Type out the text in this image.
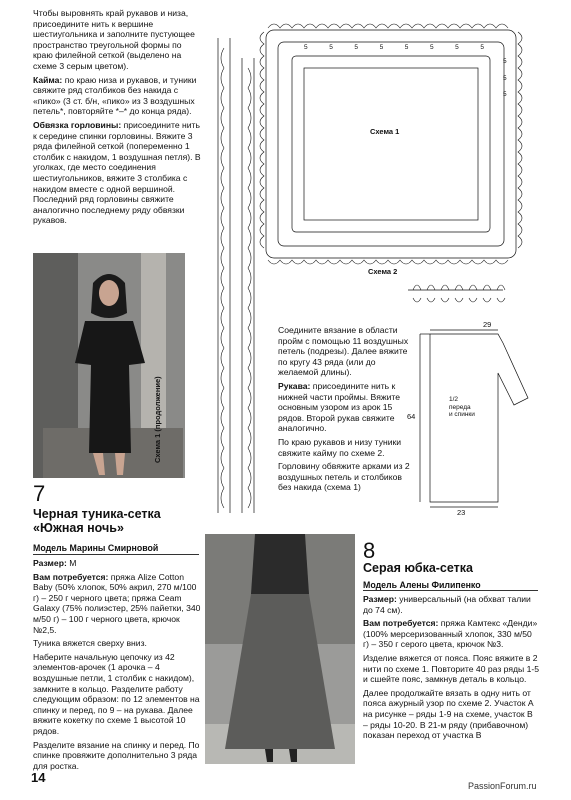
Чтобы выровнять край рукавов и низа, присоедините нить к вершине шестиугольника и заполните пустующее пространство треугольной формы по краю филейной сеткой (выделено на схеме 3 серым цветом).

Кайма: по краю низа и рукавов, и туники свяжите ряд столбиков без накида с «пико» (3 ст. б/н, «пико» из 3 воздушных петель*, повторяйте *–* до конца ряда).

Обвязка горловины: присоедините нить к середине спинки горловины. Вяжите 3 ряда филейной сеткой (попеременно 1 столбик с накидом, 1 воздушная петля). В уголках, где место соединения шестиугольников, вяжите 3 столбика с накидом вместе с одной вершиной. Последний ряд горловины свяжите аналогично последнему ряду обвязки рукавов.

7
Черная туника-сетка
«Южная ночь»
Модель Марины Смирновой

Размер: M

Вам потребуется: пряжа Alize Cotton Baby (50% хлопок, 50% акрил, 270 м/100 г) – 250 г черного цвета; пряжа Ceam Galaxy (75% полиэстер, 25% пайетки, 340 м/50 г) – 100 г черного цвета, крючок №2,5.

Туника вяжется сверху вниз.

Наберите начальную цепочку из 42 элементов-арочек (1 арочка – 4 воздушные петли, 1 столбик с накидом), замкните в кольцо. Разделите работу следующим образом: по 12 элементов на спинку и перед, по 9 – на рукава. Далее вяжите кокетку по схеме 1 высотой 10 рядов.

Разделите вязание на спинку и перед. По спинке провяжите дополнительно 3 ряда для ростка.

5	5	5	5	5	5	5	5
5
5
5
Схема 1
Схема 2
Схема 1 (продолжение)
29
64
23
1/2
переда
и спинки

Соедините вязание в области пройм с помощью 11 воздушных петель (подрезы). Далее вяжите по кругу 43 ряда (или до желаемой длины).

Рукава: присоедините нить к нижней части проймы. Вяжите основным узором из арок 15 рядов. Второй рукав свяжите аналогично.

По краю рукавов и низу туники свяжите кайму по схеме 2.

Горловину обвяжите арками из 2 воздушных петель и столбиков без накида (схема 1)

8
Серая юбка-сетка
Модель Алены Филипенко

Размер: универсальный (на обхват талии до 74 см).

Вам потребуется: пряжа Камтекс «Денди» (100% мерсеризованный хлопок, 330 м/50 г) – 350 г серого цвета, крючок №3.

Изделие вяжется от пояса. Пояс вяжите в 2 нити по схеме 1. Повторите 40 раз ряды 1-5 и сшейте пояс, замкнув деталь в кольцо.

Далее продолжайте вязать в одну нить от пояса ажурный узор по схеме 2. Участок А на рисунке – ряды 1-9 на схеме, участок В – ряды 10-20. В 21-м ряду (прибавочном) показан переход от участка В

14
PassionForum.ru
